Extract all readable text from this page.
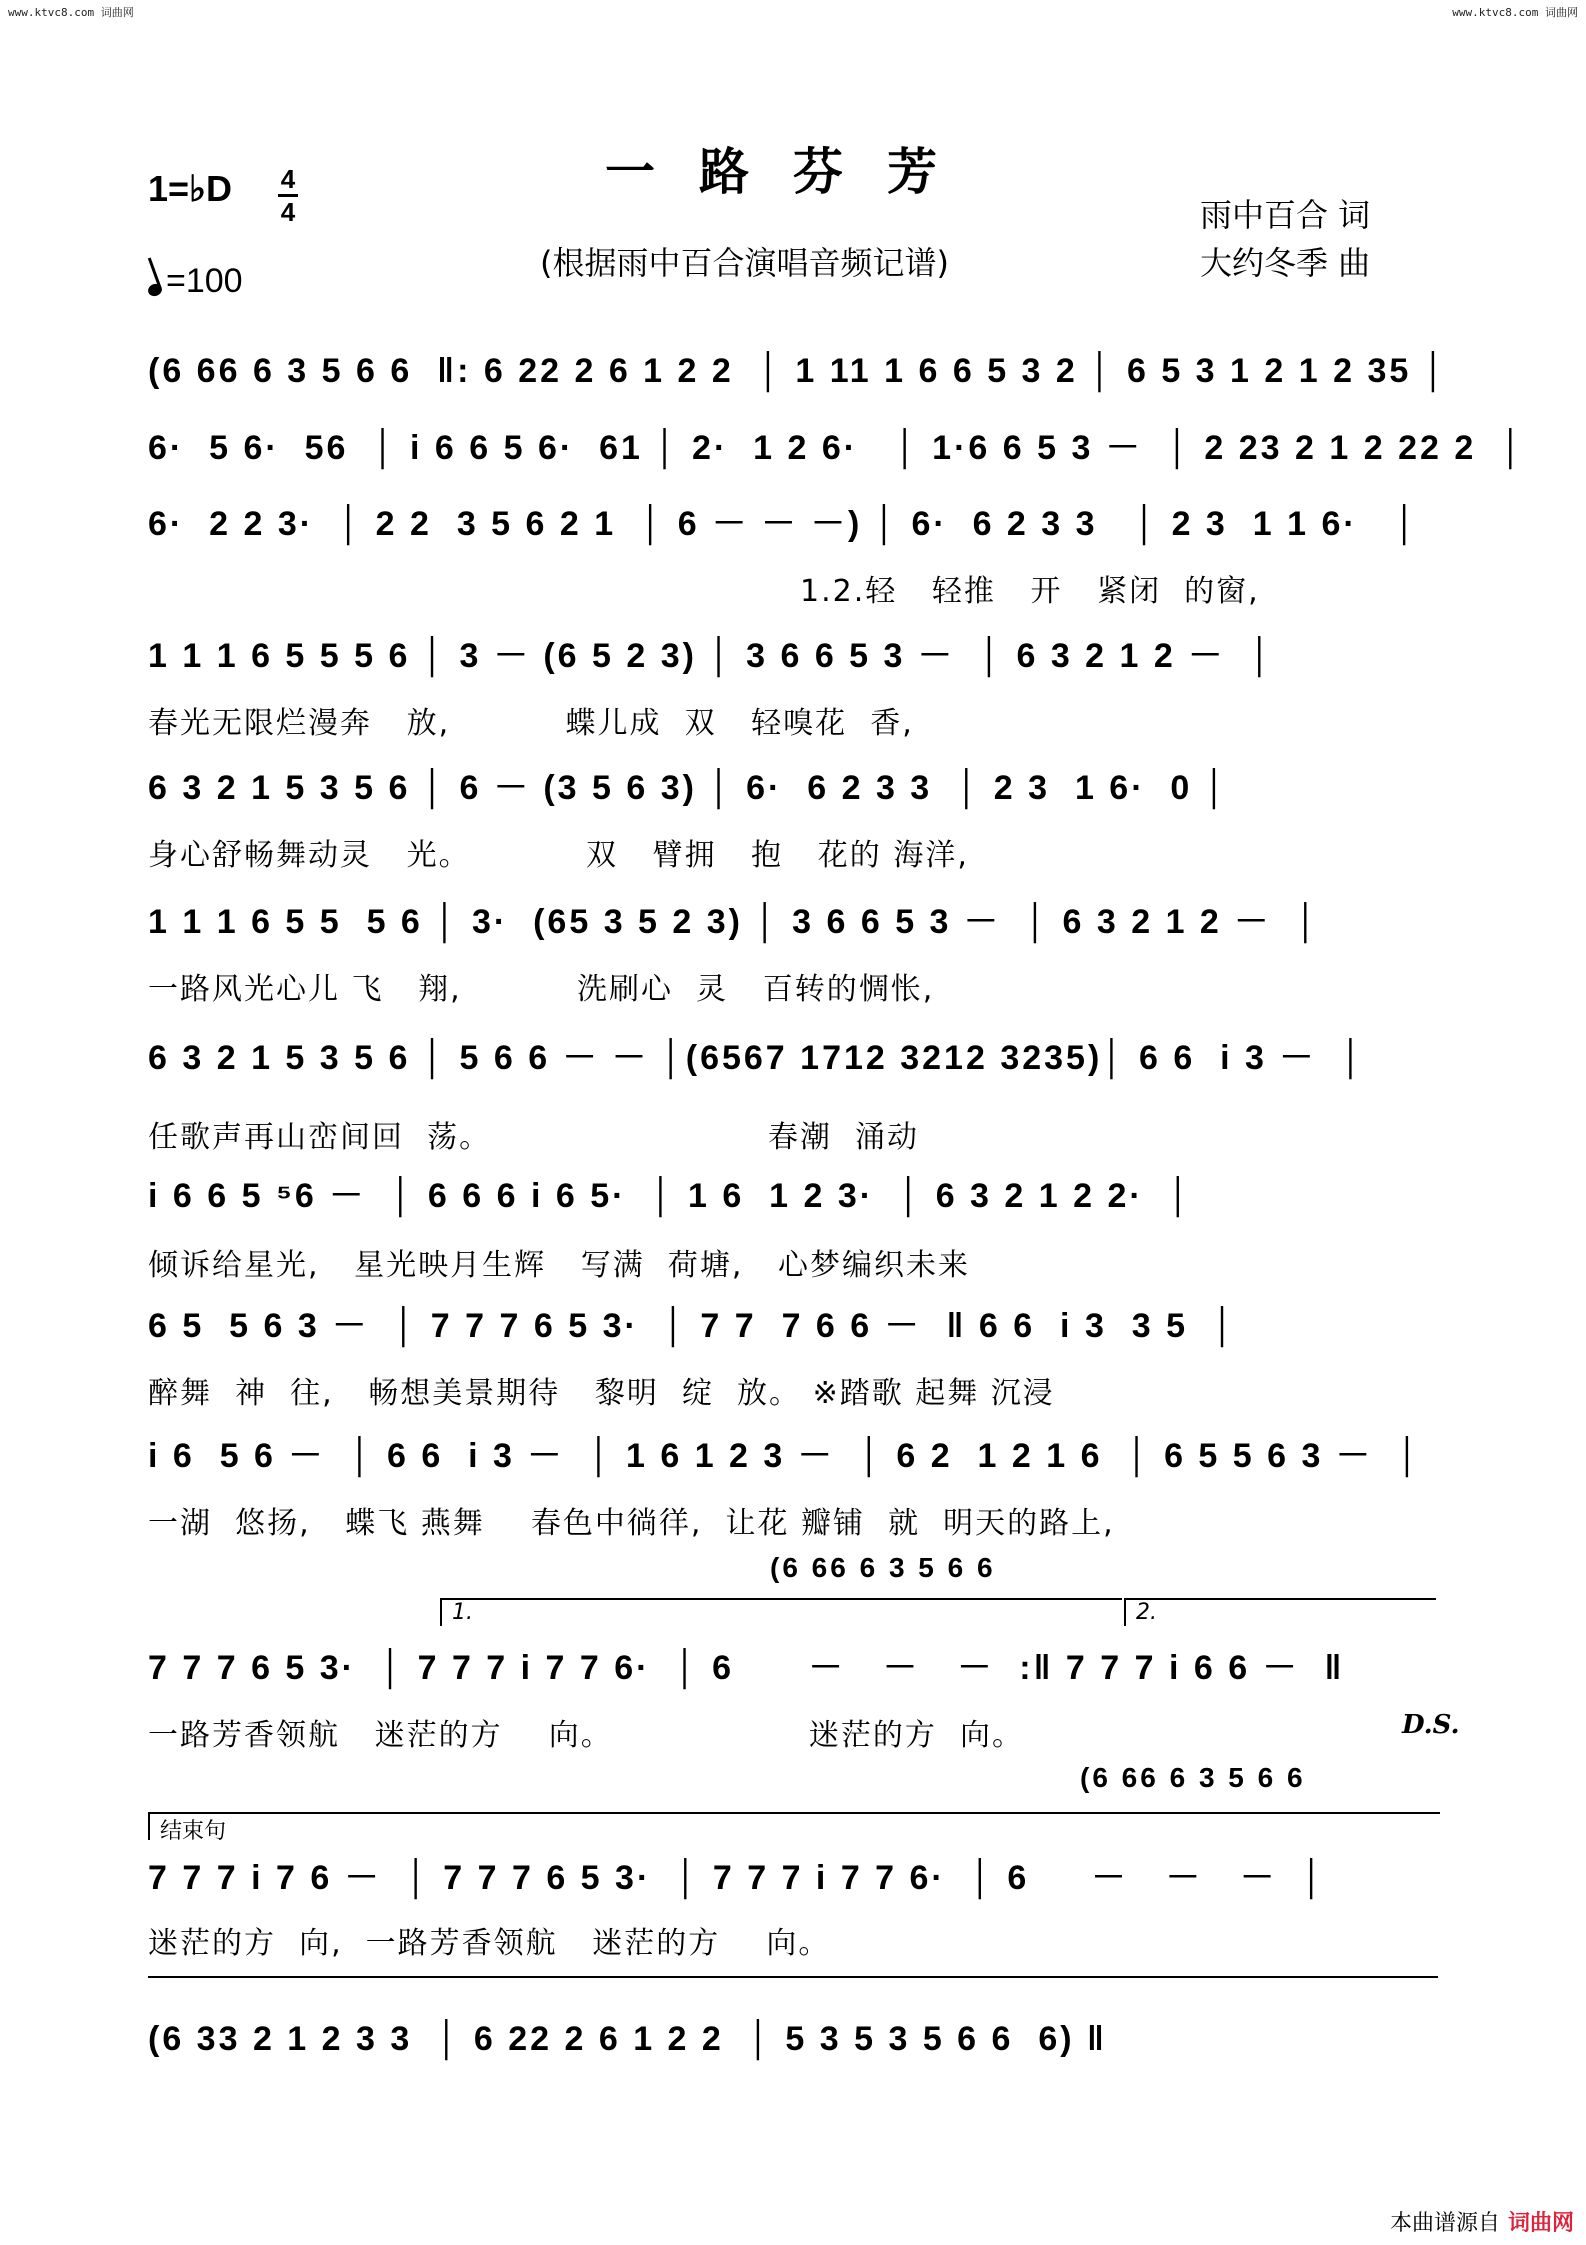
www.ktvc8.com 词曲网	www.ktvc8.com 词曲网
一路芬芳
1=♭D 4
4
=100	(根据雨中百合演唱音频记谱)
雨中百合 词
大约冬季 曲
(6 66 6 3 5 6 6  ‖: 6 22 2 6 1 2 2  │ 1 11 1 6 6 5 3 2 │ 6 5 3 1 2 1 2 35 │
6·  5 6·  56  │ i 6 6 5 6·  61 │ 2·  1 2 6·   │ 1·6 6 5 3 －  │ 2 23 2 1 2 22 2  │
6·  2 2 3·  │ 2 2  3 5 6 2 1  │ 6 － － －) │ 6·  6 2 3 3   │ 2 3  1 1 6·   │
1.2.轻   轻推   开   紧闭  的窗,
1 1 1 6 5 5 5 6 │ 3 － (6 5 2 3) │ 3 6 6 5 3 －  │ 6 3 2 1 2 －  │
春光无限烂漫奔   放,          蝶儿成  双   轻嗅花  香,
6 3 2 1 5 3 5 6 │ 6 － (3 5 6 3) │ 6·  6 2 3 3  │ 2 3  1 6·  0 │
身心舒畅舞动灵   光。          双   臂拥   抱   花的 海洋,
1 1 1 6 5 5  5 6 │ 3·  (65 3 5 2 3) │ 3 6 6 5 3 －  │ 6 3 2 1 2 －  │
一路风光心儿 飞   翔,          洗刷心  灵   百转的惆怅,
6 3 2 1 5 3 5 6 │ 5 6 6 － － │(6567 1712 3212 3235)│ 6 6  i 3 －  │
任歌声再山峦间回  荡。                        春潮  涌动
i 6 6 5 ⁵6 －  │ 6 6 6 i 6 5·  │ 1 6  1 2 3·  │ 6 3 2 1 2 2·  │
倾诉给星光,   星光映月生辉   写满  荷塘,   心梦编织未来
6 5  5 6 3 －  │ 7 7 7 6 5 3·  │ 7 7  7 6 6 －  ‖ 6 6  i 3  3 5  │
醉舞  神  往,   畅想美景期待   黎明  绽  放。 ※踏歌 起舞 沉浸
i 6  5 6 －  │ 6 6  i 3 －  │ 1 6 1 2 3 －  │ 6 2  1 2 1 6  │ 6 5 5 6 3 －  │
一湖  悠扬,   蝶飞 燕舞    春色中徜徉,  让花 瓣铺  就  明天的路上,
(6 66 6 3 5 6 6
1.	2.
7 7 7 6 5 3·  │ 7 7 7 i 7 7 6·  │ 6      －   －   －  :‖ 7 7 7 i 6 6 －  ‖
一路芳香领航   迷茫的方    向。                 迷茫的方  向。	D.S.
(6 66 6 3 5 6 6
结束句
7 7 7 i 7 6 －  │ 7 7 7 6 5 3·  │ 7 7 7 i 7 7 6·  │ 6     －   －   －  │
迷茫的方  向,  一路芳香领航   迷茫的方    向。
(6 33 2 1 2 3 3  │ 6 22 2 6 1 2 2  │ 5 3 5 3 5 6 6  6) ‖
本曲谱源自 词曲网
